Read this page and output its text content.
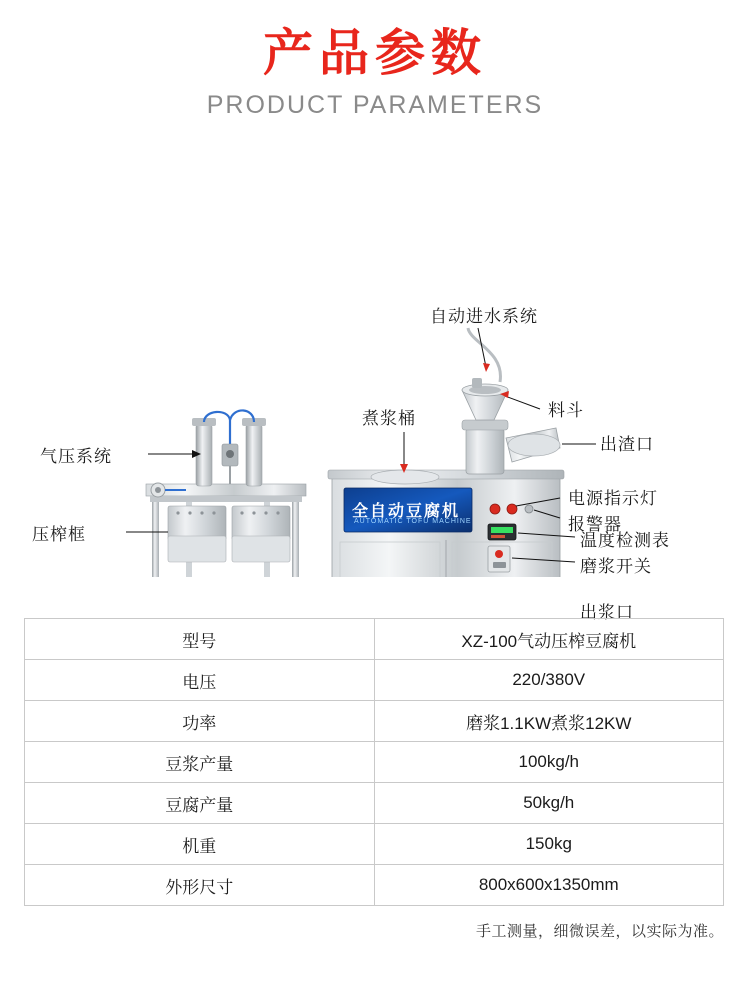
产品参数
PRODUCT PARAMETERS
全自动豆腐机
AUTOMATIC TOFU MACHINE
自动进水系统
料斗
煮浆桶
出渣口
电源指示灯
报警器
温度检测表
磨浆开关
出浆口
气压系统
压榨框
型号	XZ-100气动压榨豆腐机
电压	220/380V
功率	磨浆1.1KW煮浆12KW
豆浆产量	100kg/h
豆腐产量	50kg/h
机重	150kg
外形尺寸	800x600x1350mm
手工测量，细微误差，以实际为准。
